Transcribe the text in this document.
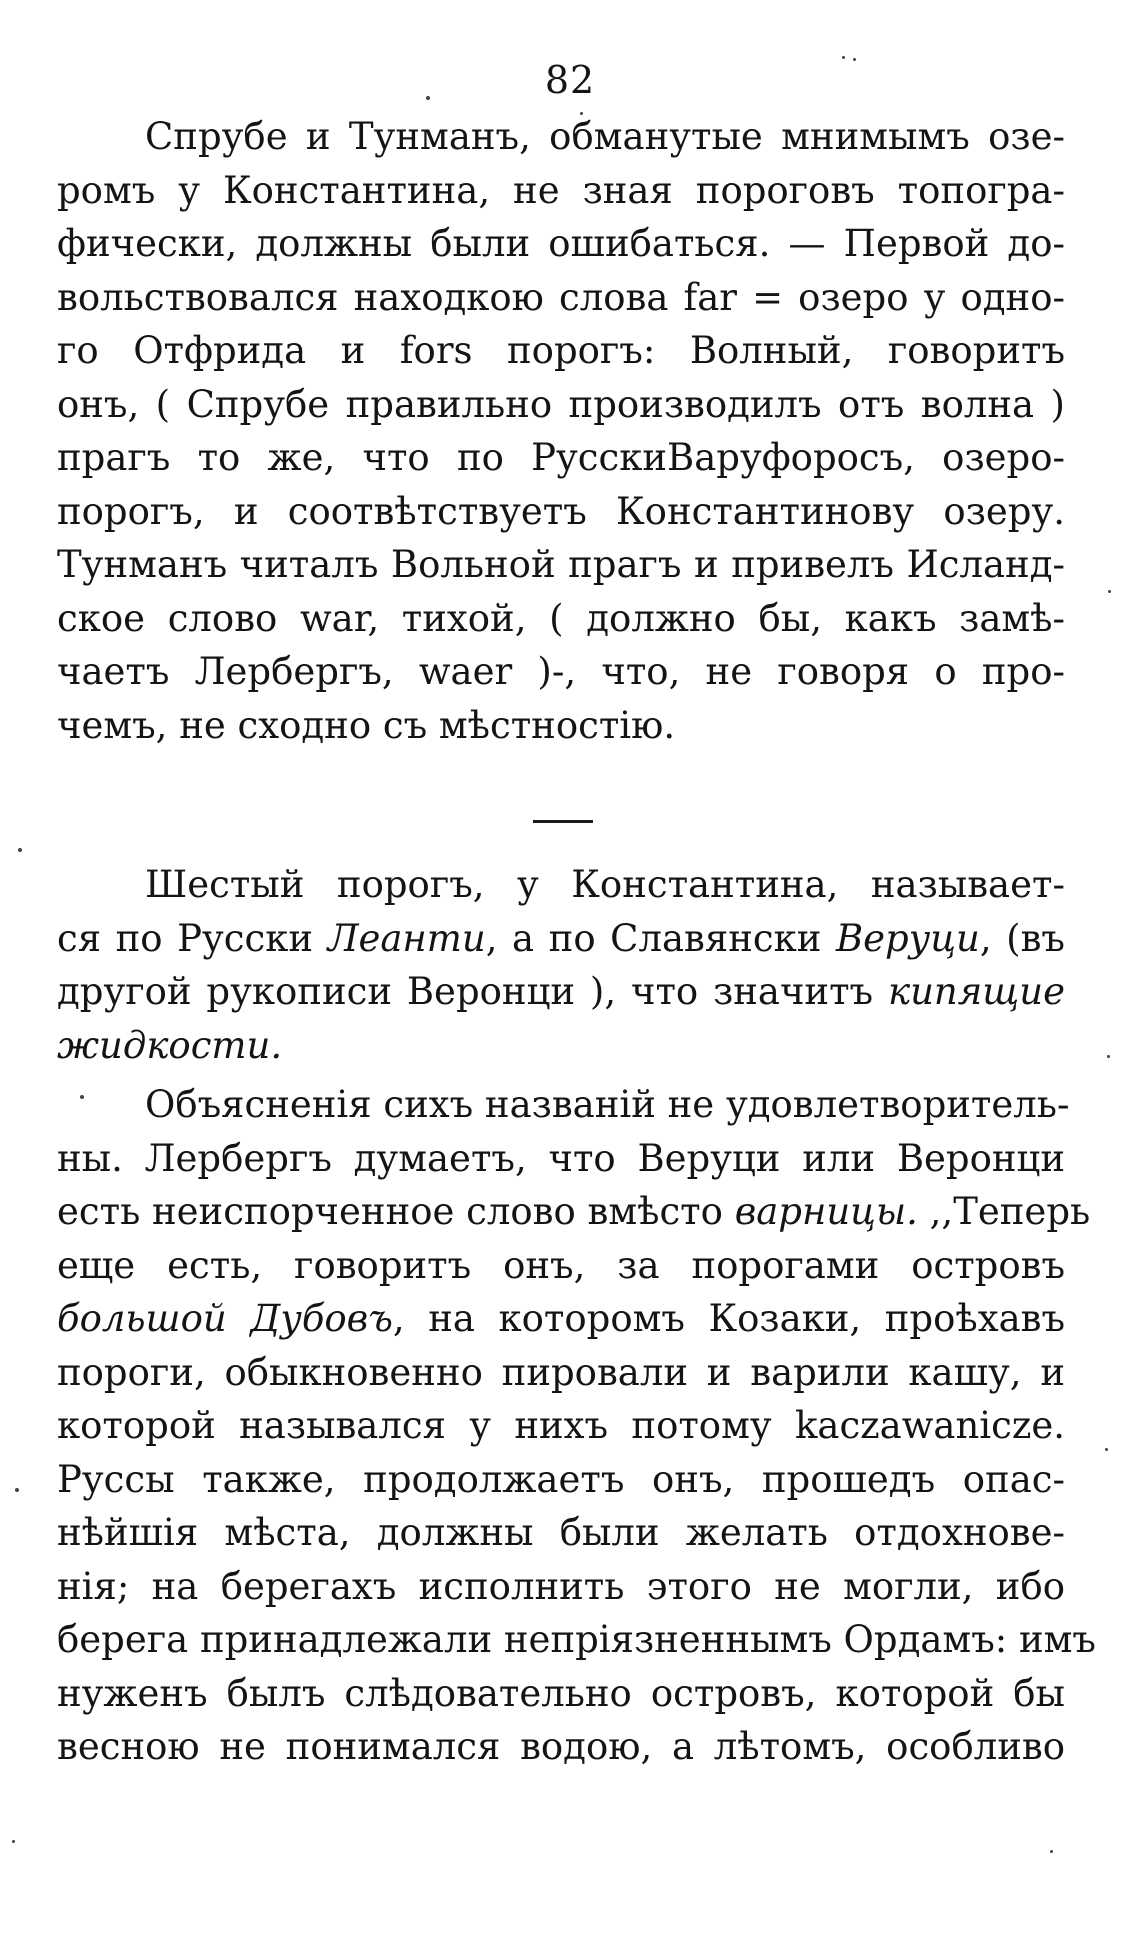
82
Спрубе и Тунманъ, обманутые мнимымъ озе-
ромъ у Константина, не зная пороговъ топогра-
фически, должны были ошибаться. — Первой до-
вольствовался находкою слова far = озеро у одно-
го Отфрида и fors порогъ: Волный, говоритъ
онъ, ( Спрубе правильно производилъ отъ волна )
прагъ то же, что по РусскиВаруфоросъ, озеро-
порогъ, и соотвѣтствуетъ Константинову озеру.
Тунманъ читалъ Вольной прагъ и привелъ Исланд-
ское слово war, тихой, ( должно бы, какъ замѣ-
чаетъ Лербергъ, waer )-, что, не говоря о про-
чемъ, не сходно съ мѣстностію.
Шестый порогъ, у Константина, называет-
ся по Русски Леанти, а по Славянски Веруци, (въ
другой рукописи Веронци ), что значитъ кипящие
жидкости.
Объясненія сихъ названій не удовлетворитель-
ны. Лербергъ думаетъ, что Веруци или Веронци
есть неиспорченное слово вмѣсто варницы. ,,Теперь
еще есть, говоритъ онъ, за порогами островъ
большой Дубовъ, на которомъ Козаки, проѣхавъ
пороги, обыкновенно пировали и варили кашу, и
которой назывался у нихъ потому kaczawanicze.
Руссы также, продолжаетъ онъ, прошедъ опас-
нѣйшія мѣста, должны были желать отдохнове-
нія; на берегахъ исполнить этого не могли, ибо
берега принадлежали непріязненнымъ Ордамъ: имъ
нуженъ былъ слѣдовательно островъ, которой бы
весною не понимался водою, а лѣтомъ, особливо
